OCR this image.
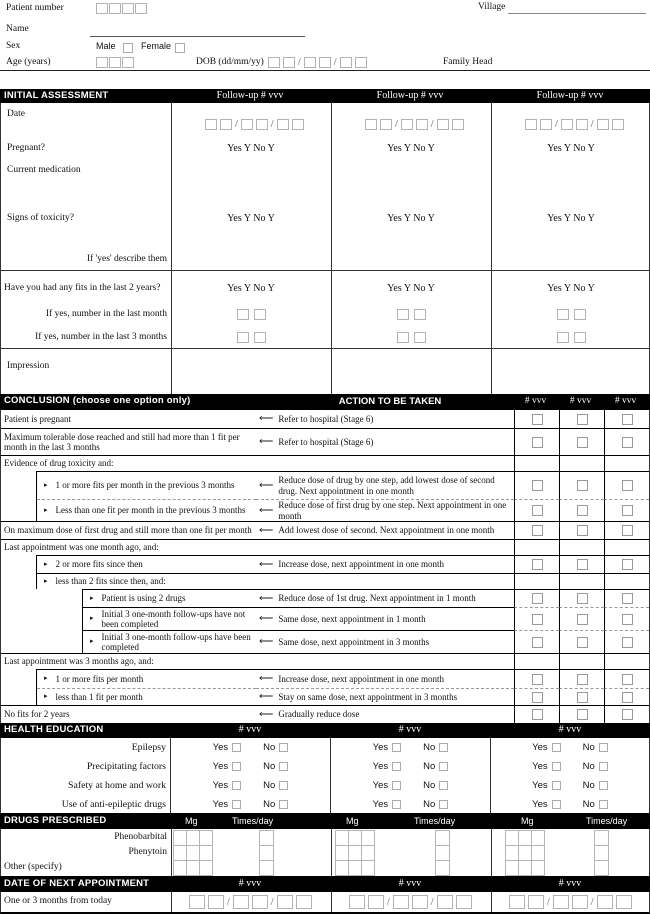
Patient number	Village
Name
Sex	Male	Female
Age (years)	DOB (dd/mm/yy)	/	/	Family Head
INITIAL ASSESSMENT	Follow-up # vvv	Follow-up # vvv	Follow-up # vvv
Date
/	/	/	/	/	/
Pregnant?	Yes Y No Y	Yes Y No Y	Yes Y No Y
Current medication
Signs of toxicity?	Yes Y No Y	Yes Y No Y	Yes Y No Y
If 'yes' describe them
Have you had any fits in the last 2 years?	Yes Y No Y	Yes Y No Y	Yes Y No Y
If yes, number in the last month
If yes, number in the last 3 months
Impression
CONCLUSION (choose one option only)	ACTION TO BE TAKEN	# vvv	# vvv	# vvv
Patient is pregnant	⟵ Refer to hospital (Stage 6)
Maximum tolerable dose reached and still had more than 1 fit per month in the last 3 months	⟵ Refer to hospital (Stage 6)
Evidence of drug toxicity and:
▸ 1 or more fits per month in the previous 3 months ⟵ Reduce dose of drug by one step, add lowest dose of second drug. Next appointment in one month
▸ Less than one fit per month in the previous 3 months ⟵ Reduce dose of first drug by one step. Next appointment in one month
On maximum dose of first drug and still more than one fit per month ⟵ Add lowest dose of second. Next appointment in one month
Last appointment was one month ago, and:
▸ 2 or more fits since then	⟵ Increase dose, next appointment in one month
▸ less than 2 fits since then, and:
▸ Patient is using 2 drugs	⟵ Reduce dose of 1st drug. Next appointment in 1 month
▸ Initial 3 one-month follow-ups have not been completed	⟵ Same dose, next appointment in 1 month
▸ Initial 3 one-month follow-ups have been completed	⟵ Same dose, next appointment in 3 months
Last appointment was 3 months ago, and:
▸ 1 or more fits per month	⟵ Increase dose, next appointment in one month
▸ less than 1 fit per month	⟵ Stay on same dose, next appointment in 3 months
No fits for 2 years	⟵ Gradually reduce dose
HEALTH EDUCATION	# vvv	# vvv	# vvv
Epilepsy	Yes	No	Yes	No	Yes	No
Precipitating factors	Yes	No	Yes	No	Yes	No
Safety at home and work	Yes	No	Yes	No	Yes	No
Use of anti-epileptic drugs	Yes	No	Yes	No	Yes	No
DRUGS PRESCRIBED	Mg	Times/day	Mg	Times/day	Mg	Times/day
Phenobarbital
Phenytoin
Other (specify)
DATE OF NEXT APPOINTMENT	# vvv	# vvv	# vvv
One or 3 months from today	/	/	/	/	/	/
